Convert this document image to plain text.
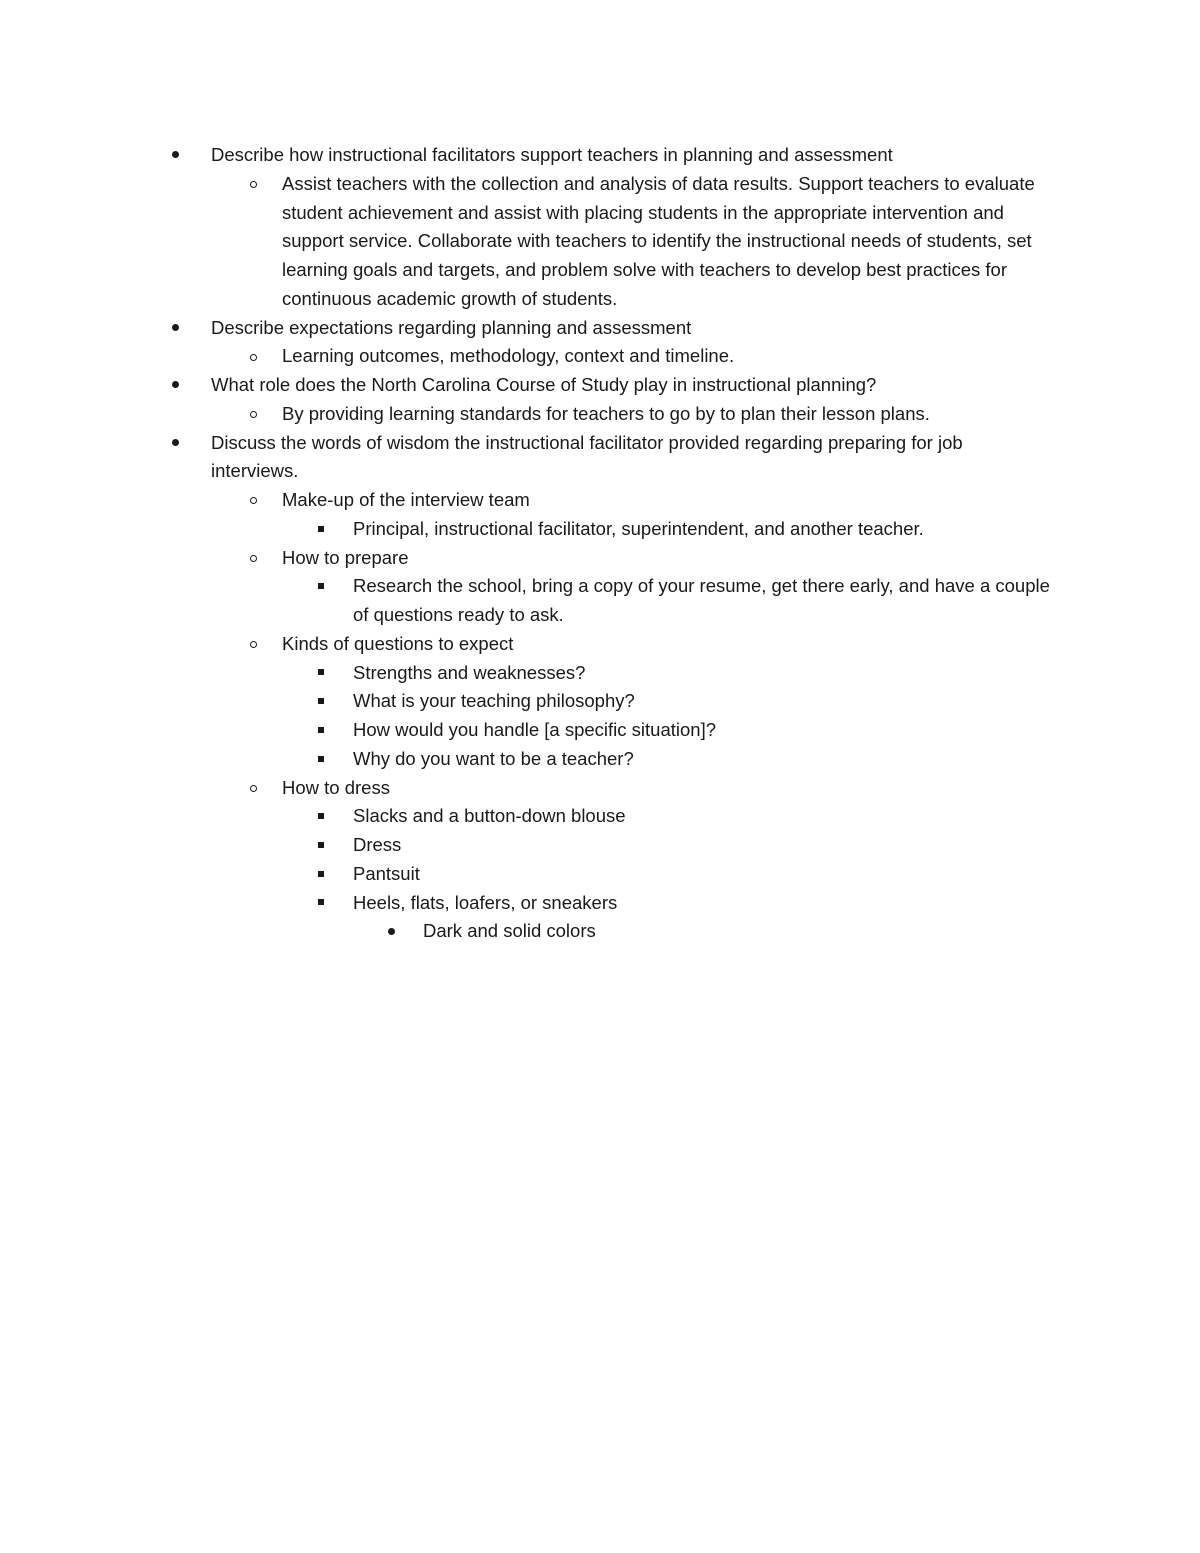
Describe how instructional facilitators support teachers in planning and assessment
Assist teachers with the collection and analysis of data results. Support teachers to evaluate student achievement and assist with placing students in the appropriate intervention and support service. Collaborate with teachers to identify the instructional needs of students, set learning goals and targets, and problem solve with teachers to develop best practices for continuous academic growth of students.
Describe expectations regarding planning and assessment
Learning outcomes, methodology, context and timeline.
What role does the North Carolina Course of Study play in instructional planning?
By providing learning standards for teachers to go by to plan their lesson plans.
Discuss the words of wisdom the instructional facilitator provided regarding preparing for job interviews.
Make-up of the interview team
Principal, instructional facilitator, superintendent, and another teacher.
How to prepare
Research the school, bring a copy of your resume, get there early, and have a couple of questions ready to ask.
Kinds of questions to expect
Strengths and weaknesses?
What is your teaching philosophy?
How would you handle [a specific situation]?
Why do you want to be a teacher?
How to dress
Slacks and a button-down blouse
Dress
Pantsuit
Heels, flats, loafers, or sneakers
Dark and solid colors
